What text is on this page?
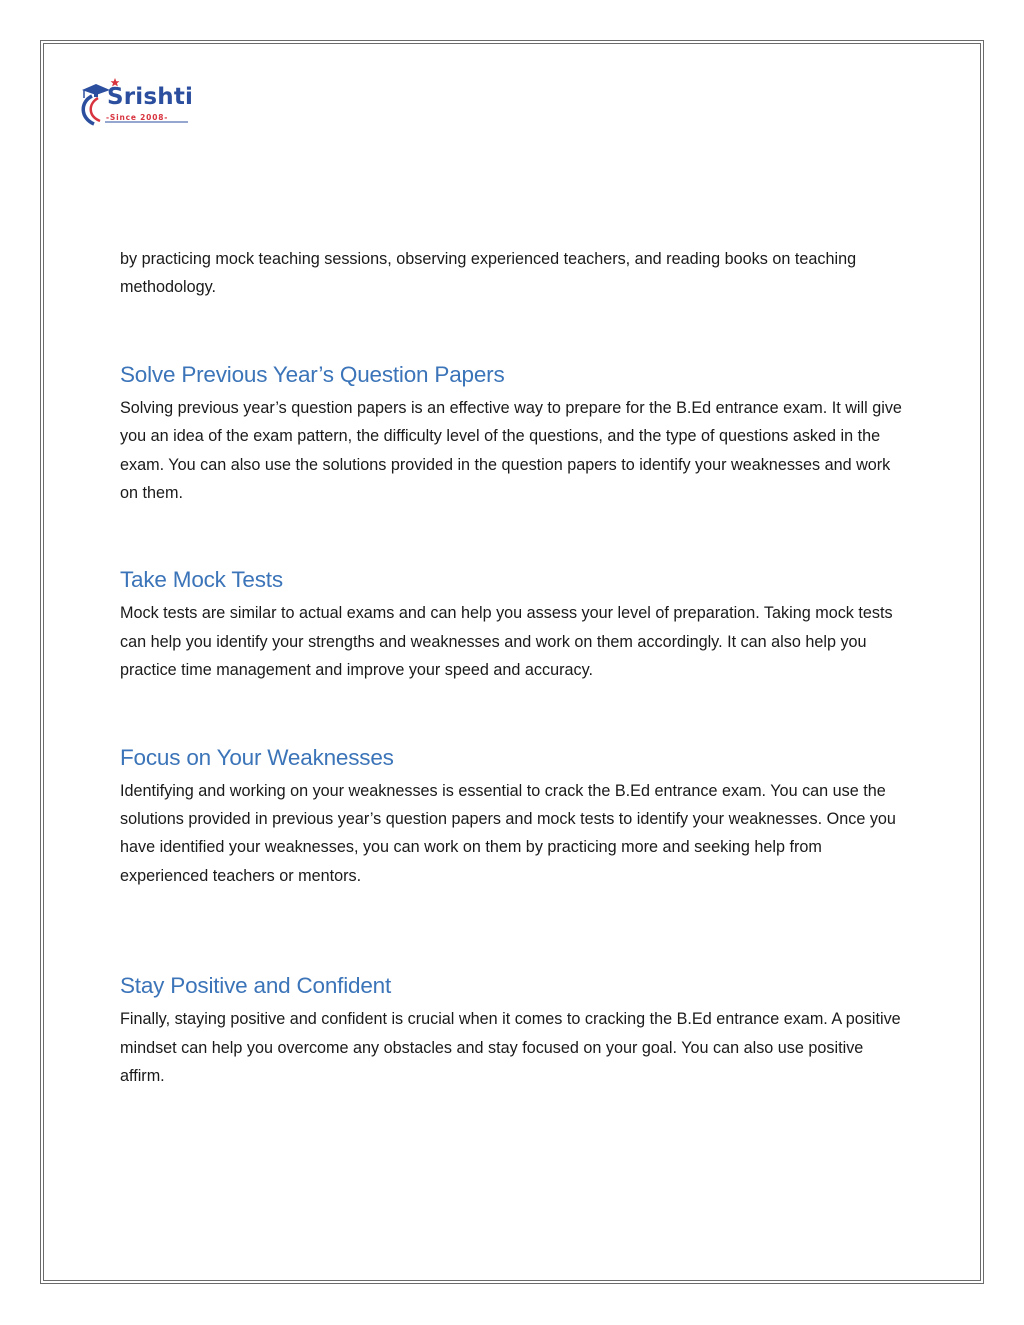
Srishti
-Since 2008-

by practicing mock teaching sessions, observing experienced teachers, and reading books on teaching methodology.

Solve Previous Year’s Question Papers

Solving previous year’s question papers is an effective way to prepare for the B.Ed entrance exam. It will give you an idea of the exam pattern, the difficulty level of the questions, and the type of questions asked in the exam. You can also use the solutions provided in the question papers to identify your weaknesses and work on them.

Take Mock Tests

Mock tests are similar to actual exams and can help you assess your level of preparation. Taking mock tests can help you identify your strengths and weaknesses and work on them accordingly. It can also help you practice time management and improve your speed and accuracy.

Focus on Your Weaknesses

Identifying and working on your weaknesses is essential to crack the B.Ed entrance exam. You can use the solutions provided in previous year’s question papers and mock tests to identify your weaknesses. Once you have identified your weaknesses, you can work on them by practicing more and seeking help from experienced teachers or mentors.

Stay Positive and Confident

Finally, staying positive and confident is crucial when it comes to cracking the B.Ed entrance exam. A positive mindset can help you overcome any obstacles and stay focused on your goal. You can also use positive affirm.
